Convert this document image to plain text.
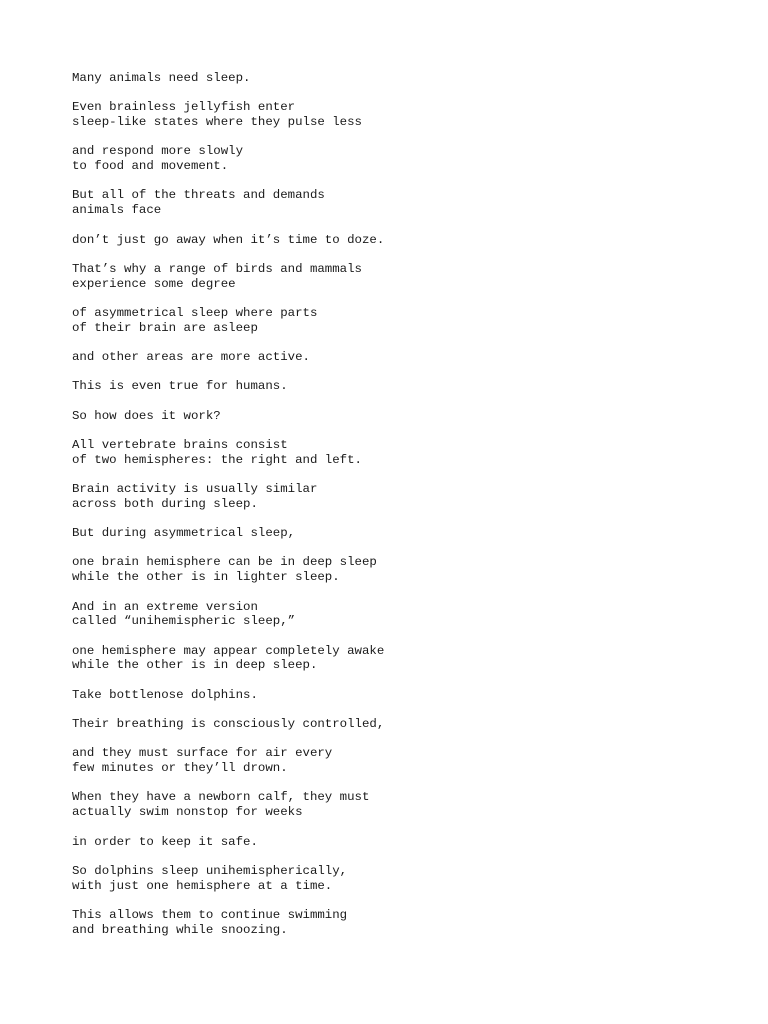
Many animals need sleep.
Even brainless jellyfish enter
sleep-like states where they pulse less
and respond more slowly
to food and movement.
But all of the threats and demands
animals face
don’t just go away when it’s time to doze.
That’s why a range of birds and mammals
experience some degree
of asymmetrical sleep where parts
of their brain are asleep
and other areas are more active.
This is even true for humans.
So how does it work?
All vertebrate brains consist
of two hemispheres: the right and left.
Brain activity is usually similar
across both during sleep.
But during asymmetrical sleep,
one brain hemisphere can be in deep sleep
while the other is in lighter sleep.
And in an extreme version
called “unihemispheric sleep,”
one hemisphere may appear completely awake
while the other is in deep sleep.
Take bottlenose dolphins.
Their breathing is consciously controlled,
and they must surface for air every
few minutes or they’ll drown.
When they have a newborn calf, they must
actually swim nonstop for weeks
in order to keep it safe.
So dolphins sleep unihemispherically,
with just one hemisphere at a time.
This allows them to continue swimming
and breathing while snoozing.
